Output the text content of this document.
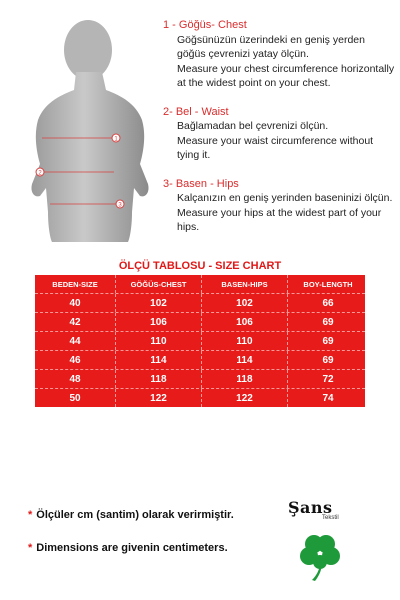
1
2
3
1 - Göğüs- Chest
Göğsünüzün üzerindeki en geniş yerden göğüs çevrenizi yatay ölçün.
Measure your chest circumference horizontally at the widest point on your chest.
2- Bel - Waist
Bağlamadan bel çevrenizi ölçün.
Measure your waist circumference without tying it.
3- Basen - Hips
Kalçanızın en geniş yerinden baseninizi ölçün.
Measure your hips at the widest part of your hips.
ÖLÇÜ TABLOSU - SIZE CHART
BEDEN-SIZE	GÖĞÜS-CHEST	BASEN-HIPS	BOY-LENGTH
40	102	102	66
42	106	106	69
44	110	110	69
46	114	114	69
48	118	118	72
50	122	122	74
* Ölçüler cm (santim) olarak verirmiştir.
* Dimensions are givenin centimeters.
Şans
Tekstil
